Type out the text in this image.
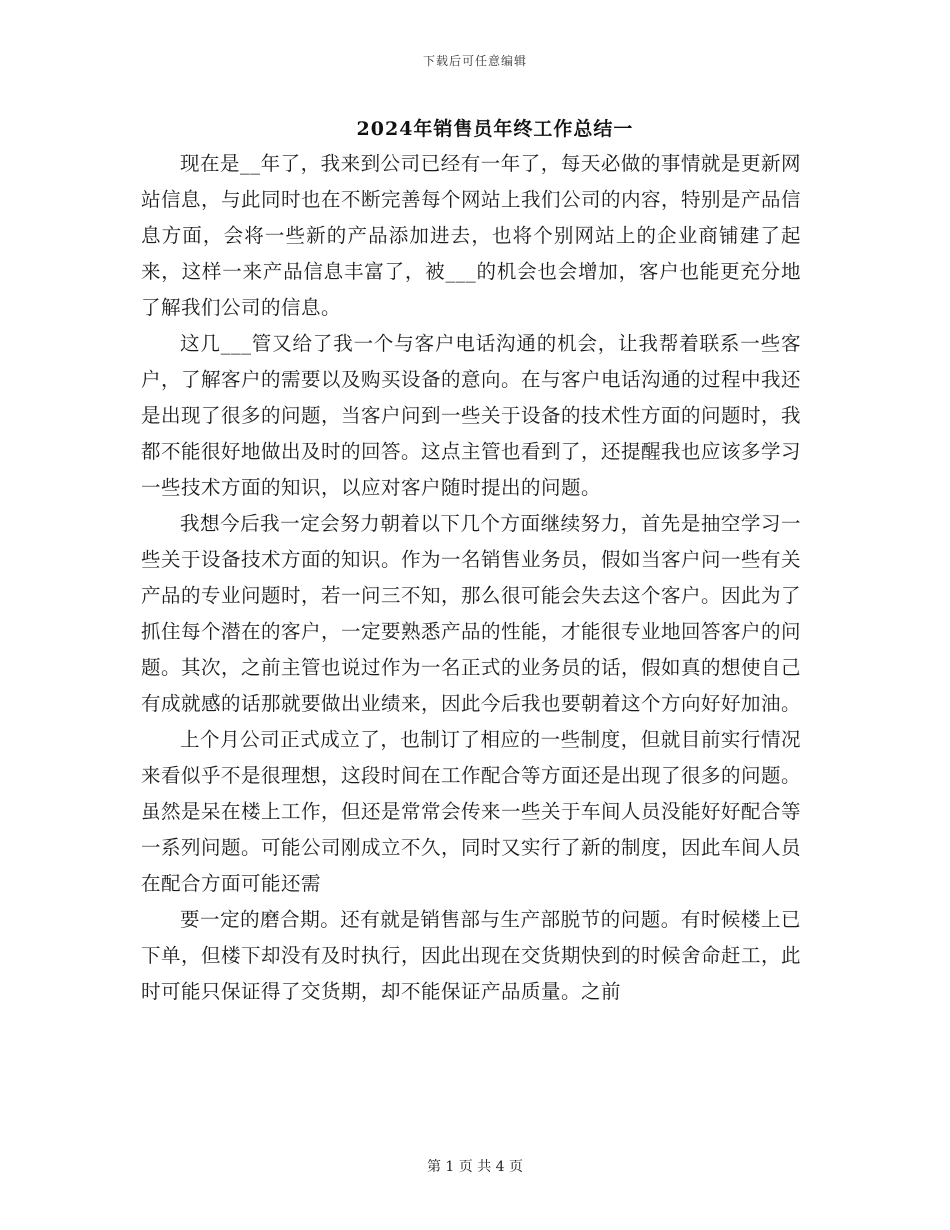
下载后可任意编辑
2024年销售员年终工作总结一

现在是__年了，我来到公司已经有一年了，每天必做的事情就是更新网站信息，与此同时也在不断完善每个网站上我们公司的内容，特别是产品信息方面，会将一些新的产品添加进去，也将个别网站上的企业商铺建了起来，这样一来产品信息丰富了，被___的机会也会增加，客户也能更充分地了解我们公司的信息。

这几___管又给了我一个与客户电话沟通的机会，让我帮着联系一些客户，了解客户的需要以及购买设备的意向。在与客户电话沟通的过程中我还是出现了很多的问题，当客户问到一些关于设备的技术性方面的问题时，我都不能很好地做出及时的回答。这点主管也看到了，还提醒我也应该多学习一些技术方面的知识，以应对客户随时提出的问题。

我想今后我一定会努力朝着以下几个方面继续努力，首先是抽空学习一些关于设备技术方面的知识。作为一名销售业务员，假如当客户问一些有关产品的专业问题时，若一问三不知，那么很可能会失去这个客户。因此为了抓住每个潜在的客户，一定要熟悉产品的性能，才能很专业地回答客户的问题。其次，之前主管也说过作为一名正式的业务员的话，假如真的想使自己有成就感的话那就要做出业绩来，因此今后我也要朝着这个方向好好加油。

上个月公司正式成立了，也制订了相应的一些制度，但就目前实行情况来看似乎不是很理想，这段时间在工作配合等方面还是出现了很多的问题。虽然是呆在楼上工作，但还是常常会传来一些关于车间人员没能好好配合等一系列问题。可能公司刚成立不久，同时又实行了新的制度，因此车间人员在配合方面可能还需

要一定的磨合期。还有就是销售部与生产部脱节的问题。有时候楼上已下单，但楼下却没有及时执行，因此出现在交货期快到的时候舍命赶工，此时可能只保证得了交货期，却不能保证产品质量。之前

第 1 页 共 4 页
